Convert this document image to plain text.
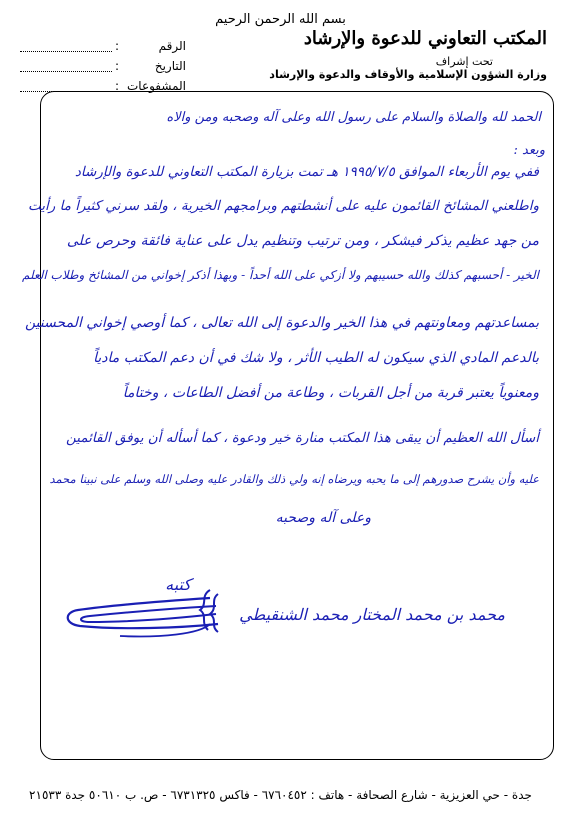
بسم الله الرحمن الرحيم
المكتب التعاوني للدعوة والإرشاد
تحت إشراف
وزارة الشؤون الإسلامية والأوقاف والدعوة والإرشاد
الرقم
:
التاريخ
:
المشفوعات
:
الحمد لله والصلاة والسلام على رسول الله وعلى آله وصحبه ومن والاه
وبعد :
ففي يوم الأربعاء الموافق ١٩٩٥/٧/٥ هـ تمت بزيارة المكتب التعاوني للدعوة والإرشاد
واطلعني المشائخ القائمون عليه على أنشطتهم وبرامجهم الخيرية ، ولقد سرني كثيراً ما رأيت
من جهد عظيم يذكر فيشكر ، ومن ترتيب وتنظيم يدل على عناية فائقة وحرص على
الخير - أحسبهم كذلك والله حسيبهم ولا أزكي على الله أحداً - وبهذا أذكر إخواني من المشائخ وطلاب العلم
بمساعدتهم ومعاونتهم في هذا الخير والدعوة إلى الله تعالى ، كما أوصي إخواني المحسنين
بالدعم المادي الذي سيكون له الطيب الأثر ، ولا شك في أن دعم المكتب مادياً
ومعنوياً يعتبر قربة من أجل القربات ، وطاعة من أفضل الطاعات ، وختاماً
أسأل الله العظيم أن يبقى هذا المكتب منارة خير ودعوة ، كما أسأله أن يوفق القائمين
عليه وأن يشرح صدورهم إلى ما يحبه ويرضاه إنه ولي ذلك والقادر عليه وصلى الله وسلم على نبينا محمد
وعلى آله وصحبه
كتبه
محمد بن محمد المختار محمد الشنقيطي
جدة - حي العزيزية - شارع الصحافة - هاتف : ٦٧٦٠٤٥٢ - فاكس ٦٧٣١٣٢٥ - ص. ب ٥٠٦١٠ جدة ٢١٥٣٣
